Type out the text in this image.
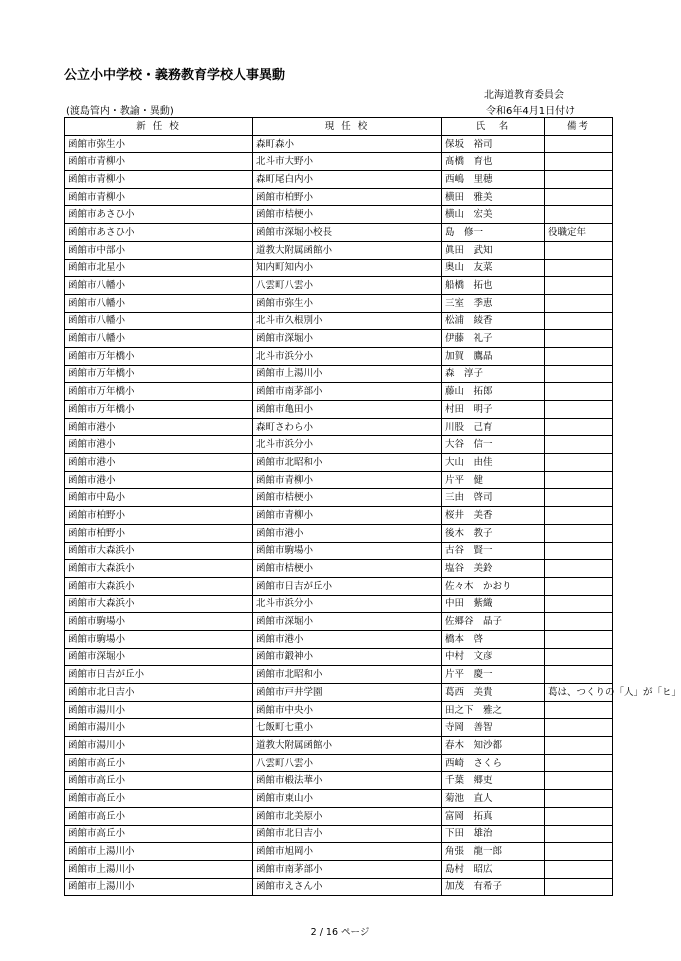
公立小中学校・義務教育学校人事異動
北海道教育委員会
(渡島管内・教諭・異動)	令和6年4月1日付け
新 任 校	現 任 校	氏　名	備考
函館市弥生小	森町森小	保坂　裕司	
函館市青柳小	北斗市大野小	髙橋　育也	
函館市青柳小	森町尾白内小	西嶋　里穂	
函館市青柳小	函館市柏野小	横田　雅美	
函館市あさひ小	函館市桔梗小	横山　宏美	
函館市あさひ小	函館市深堀小校長	島　修一	役職定年
函館市中部小	道教大附属函館小	眞田　武知	
函館市北星小	知内町知内小	奥山　友菜	
函館市八幡小	八雲町八雲小	船橋　拓也	
函館市八幡小	函館市弥生小	三室　季恵	
函館市八幡小	北斗市久根別小	松浦　綾香	
函館市八幡小	函館市深堀小	伊藤　礼子	
函館市万年橋小	北斗市浜分小	加賀　鷹晶	
函館市万年橋小	函館市上湯川小	森　淳子	
函館市万年橋小	函館市南茅部小	藤山　拓郎	
函館市万年橋小	函館市亀田小	村田　明子	
函館市港小	森町さわら小	川股　己育	
函館市港小	北斗市浜分小	大谷　信一	
函館市港小	函館市北昭和小	大山　由佳	
函館市港小	函館市青柳小	片平　健	
函館市中島小	函館市桔梗小	三由　啓司	
函館市柏野小	函館市青柳小	桜井　美香	
函館市柏野小	函館市港小	後木　教子	
函館市大森浜小	函館市駒場小	古谷　賢一	
函館市大森浜小	函館市桔梗小	塩谷　美鈴	
函館市大森浜小	函館市日吉が丘小	佐々木　かおり	
函館市大森浜小	北斗市浜分小	中田　紫織	
函館市駒場小	函館市深堀小	佐郷谷　晶子	
函館市駒場小	函館市港小	橋本　啓	
函館市深堀小	函館市鍛神小	中村　文彦	
函館市日吉が丘小	函館市北昭和小	片平　慶一	
函館市北日吉小	函館市戸井学園	葛西　美貴	葛は、つくりの「人」が「ヒ」
函館市湯川小	函館市中央小	田之下　雅之	
函館市湯川小	七飯町七重小	寺岡　善智	
函館市湯川小	道教大附属函館小	春木　知沙都	
函館市高丘小	八雲町八雲小	西崎　さくら	
函館市高丘小	函館市椴法華小	千葉　郷吏	
函館市高丘小	函館市東山小	菊池　直人	
函館市高丘小	函館市北美原小	富岡　拓真	
函館市高丘小	函館市北日吉小	下田　雄治	
函館市上湯川小	函館市旭岡小	角張　龍一郎	
函館市上湯川小	函館市南茅部小	島村　昭広	
函館市上湯川小	函館市えさん小	加茂　有希子	
2 / 16 ページ
